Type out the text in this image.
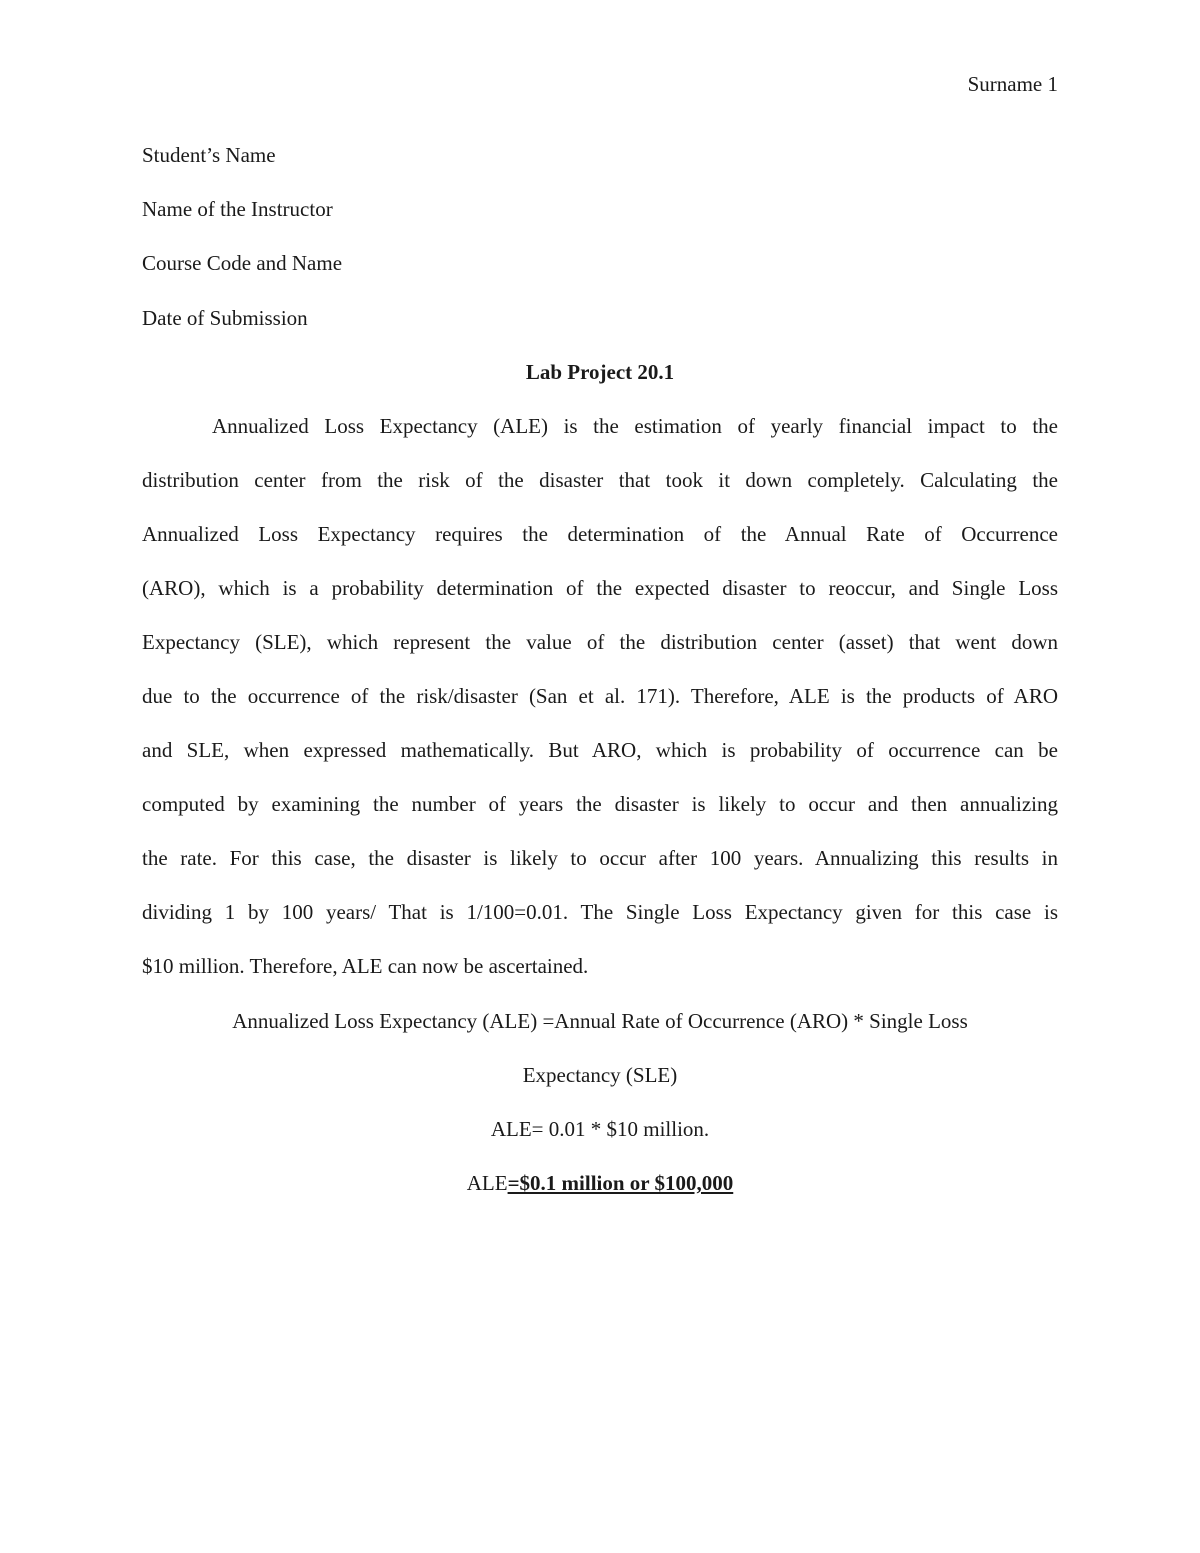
Surname 1
Student’s Name
Name of the Instructor
Course Code and Name
Date of Submission
Lab Project 20.1
Annualized Loss Expectancy (ALE) is the estimation of yearly financial impact to the
distribution center from the risk of the disaster that took it down completely. Calculating the
Annualized Loss Expectancy requires the determination of the Annual Rate of Occurrence
(ARO), which is a probability determination of the expected disaster to reoccur, and Single Loss
Expectancy (SLE), which represent the value of the distribution center (asset) that went down
due to the occurrence of the risk/disaster (San et al. 171). Therefore, ALE is the products of ARO
and SLE, when expressed mathematically. But ARO, which is probability of occurrence can be
computed by examining the number of years the disaster is likely to occur and then annualizing
the rate. For this case, the disaster is likely to occur after 100 years. Annualizing this results in
dividing 1 by 100 years/ That is 1/100=0.01. The Single Loss Expectancy given for this case is
$10 million. Therefore, ALE can now be ascertained.
Annualized Loss Expectancy (ALE) =Annual Rate of Occurrence (ARO) * Single Loss
Expectancy (SLE)
ALE= 0.01 * $10 million.
ALE=$0.1 million or $100,000
